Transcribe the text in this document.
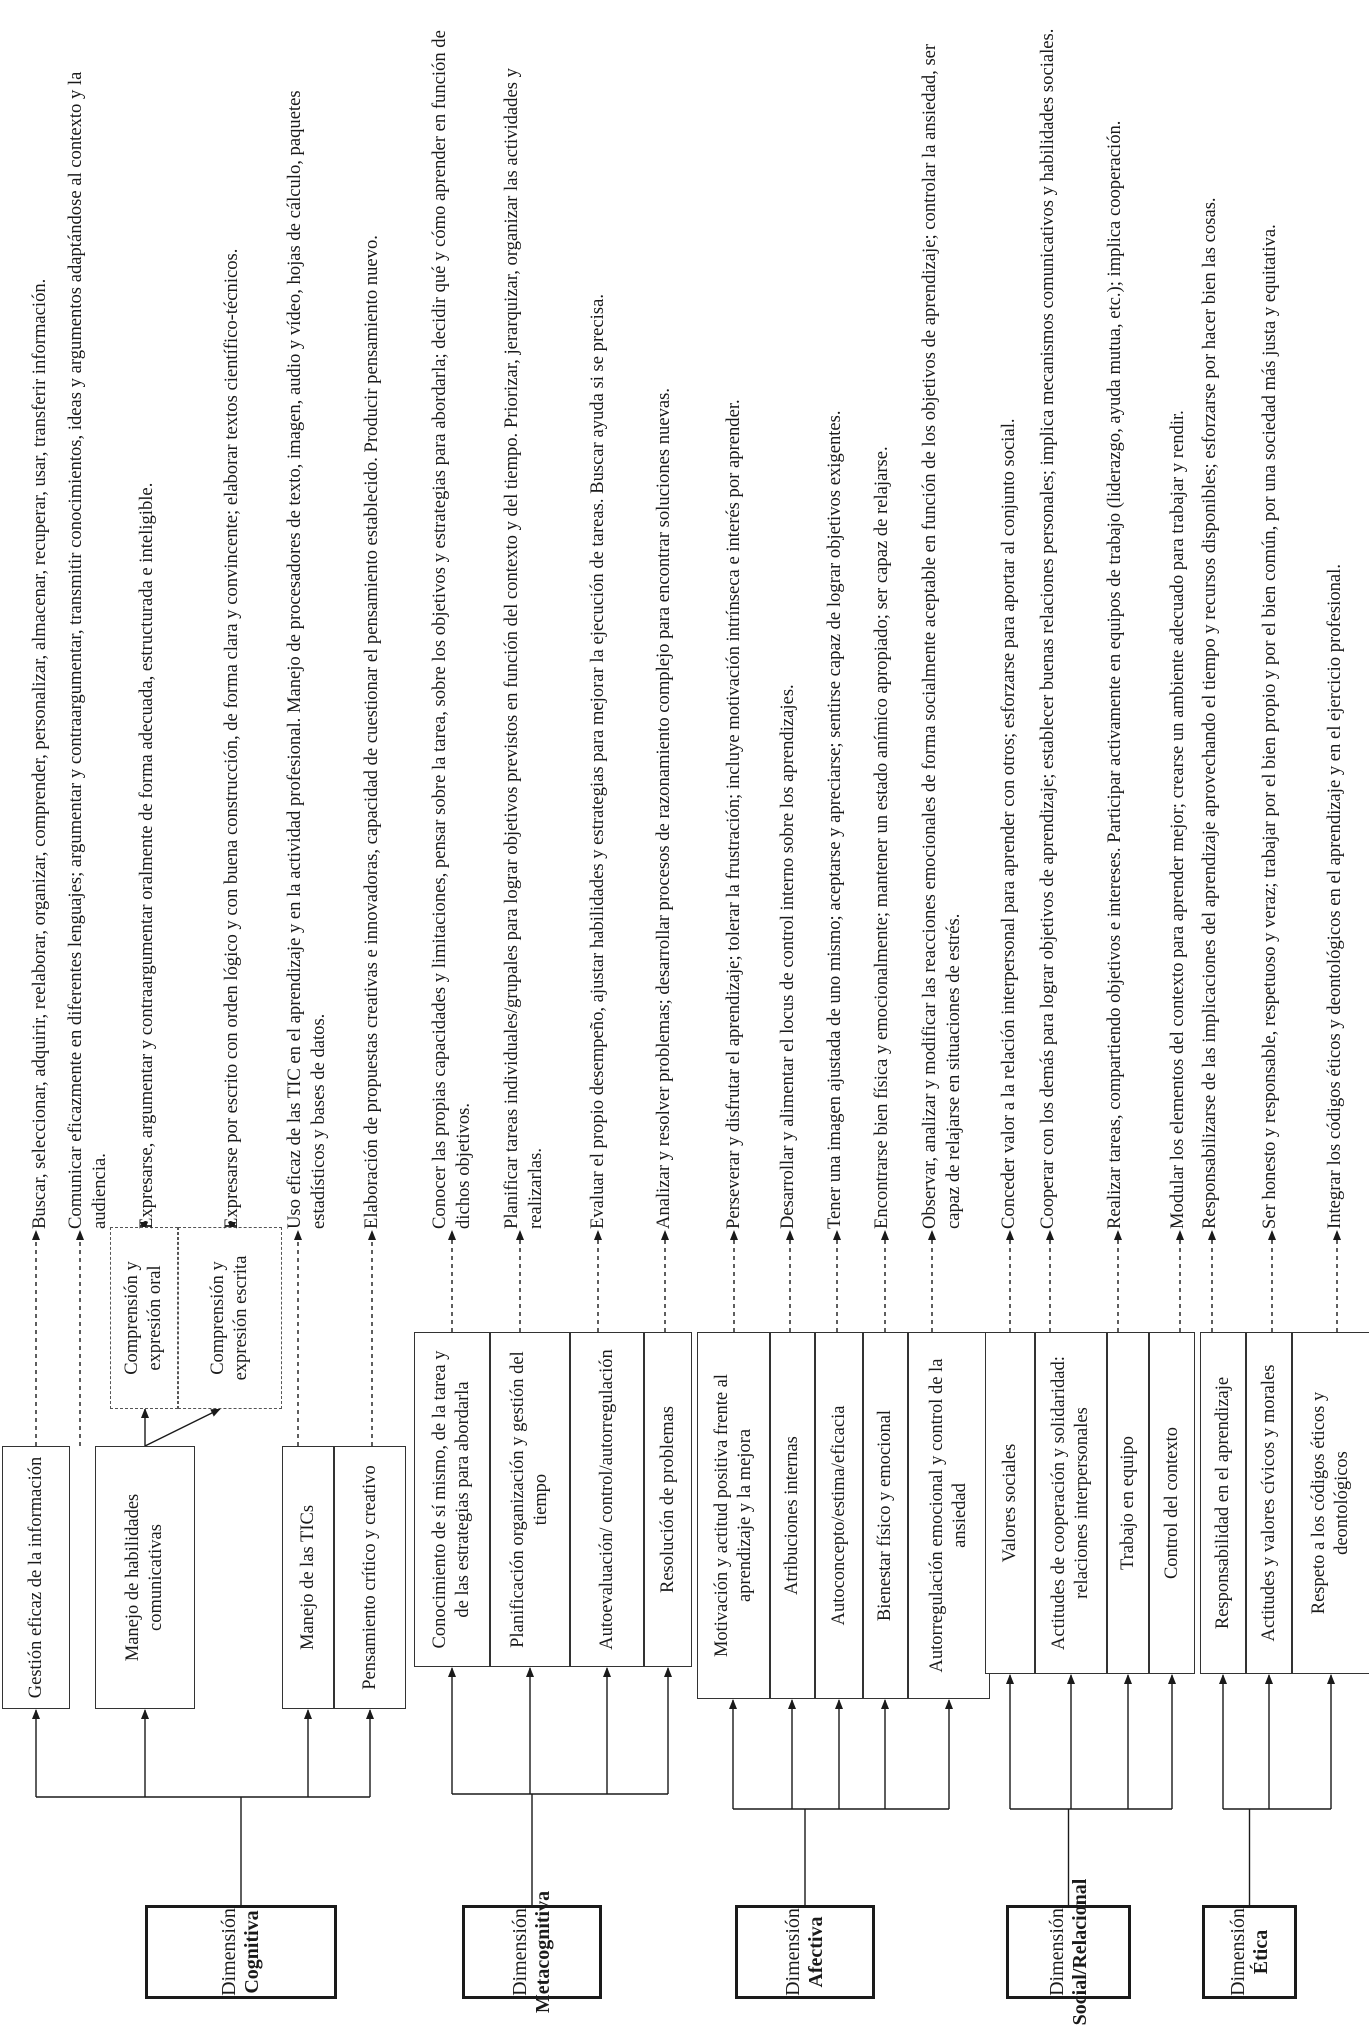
Dimensión Cognitiva	Dimensión Metacognitiva	Dimensión Afectiva	Dimensión Social/Relacional	Dimensión Ética
Gestión eficaz de la información	Manejo de habilidades comunicativas
Comprensión y expresión oral	Comprensión y expresión escrita
Manejo de las TICs	Pensamiento crítico y creativo	Conocimiento de sí mismo, de la tarea y de las estrategias para abordarla	Planificación organización y gestión del tiempo	Autoevaluación/ control/autorregulación	Resolución de problemas	Motivación y actitud positiva frente al aprendizaje y la mejora	Atribuciones internas	Autoconcepto/estima/eficacia	Bienestar físico y emocional	Autorregulación emocional y control de la ansiedad	Valores sociales	Actitudes de cooperación y solidaridad: relaciones interpersonales	Trabajo en equipo	Control del contexto	Responsabilidad en el aprendizaje	Actitudes y valores cívicos y morales	Respeto a los códigos éticos y deontológicos
Buscar, seleccionar, adquirir, reelaborar, organizar, comprender, personalizar, almacenar, recuperar, usar, transferir información. Comunicar eficazmente en diferentes lenguajes; argumentar y contraargumentar, transmitir conocimientos, ideas y argumentos adaptándose al contexto y la audiencia. Expresarse, argumentar y contraargumentar oralmente de forma adecuada, estructurada e inteligible.	Expresarse por escrito con orden lógico y con buena construcción, de forma clara y convincente; elaborar textos científico-técnicos. Uso eficaz de las TIC en el aprendizaje y en la actividad profesional. Manejo de procesadores de texto, imagen, audio y vídeo, hojas de cálculo, paquetes estadísticos y bases de datos. Elaboración de propuestas creativas e innovadoras, capacidad de cuestionar el pensamiento establecido. Producir pensamiento nuevo.	Conocer las propias capacidades y limitaciones, pensar sobre la tarea, sobre los objetivos y estrategias para abordarla; decidir qué y cómo aprender en función de dichos objetivos. Planificar tareas individuales/grupales para lograr objetivos previstos en función del contexto y del tiempo. Priorizar, jerarquizar, organizar las actividades y realizarlas. Evaluar el propio desempeño, ajustar habilidades y estrategias para mejorar la ejecución de tareas. Buscar ayuda si se precisa. Analizar y resolver problemas; desarrollar procesos de razonamiento complejo para encontrar soluciones nuevas.	Perseverar y disfrutar el aprendizaje; tolerar la frustración; incluye motivación intrínseca e interés por aprender. Desarrollar y alimentar el locus de control interno sobre los aprendizajes. Tener una imagen ajustada de uno mismo; aceptarse y apreciarse; sentirse capaz de lograr objetivos exigentes. Encontrarse bien física y emocionalmente; mantener un estado anímico apropiado; ser capaz de relajarse. Observar, analizar y modificar las reacciones emocionales de forma socialmente aceptable en función de los objetivos de aprendizaje; controlar la ansiedad, ser capaz de relajarse en situaciones de estrés. Conceder valor a la relación interpersonal para aprender con otros; esforzarse para aportar al conjunto social. Cooperar con los demás para lograr objetivos de aprendizaje; establecer buenas relaciones personales; implica mecanismos comunicativos y habilidades sociales. Realizar tareas, compartiendo objetivos e intereses. Participar activamente en equipos de trabajo (liderazgo, ayuda mutua, etc.); implica cooperación. Modular los elementos del contexto para aprender mejor; crearse un ambiente adecuado para trabajar y rendir. Responsabilizarse de las implicaciones del aprendizaje aprovechando el tiempo y recursos disponibles; esforzarse por hacer bien las cosas. Ser honesto y responsable, respetuoso y veraz; trabajar por el bien propio y por el bien común, por una sociedad más justa y equitativa. Integrar los códigos éticos y deontológicos en el aprendizaje y en el ejercicio profesional.
